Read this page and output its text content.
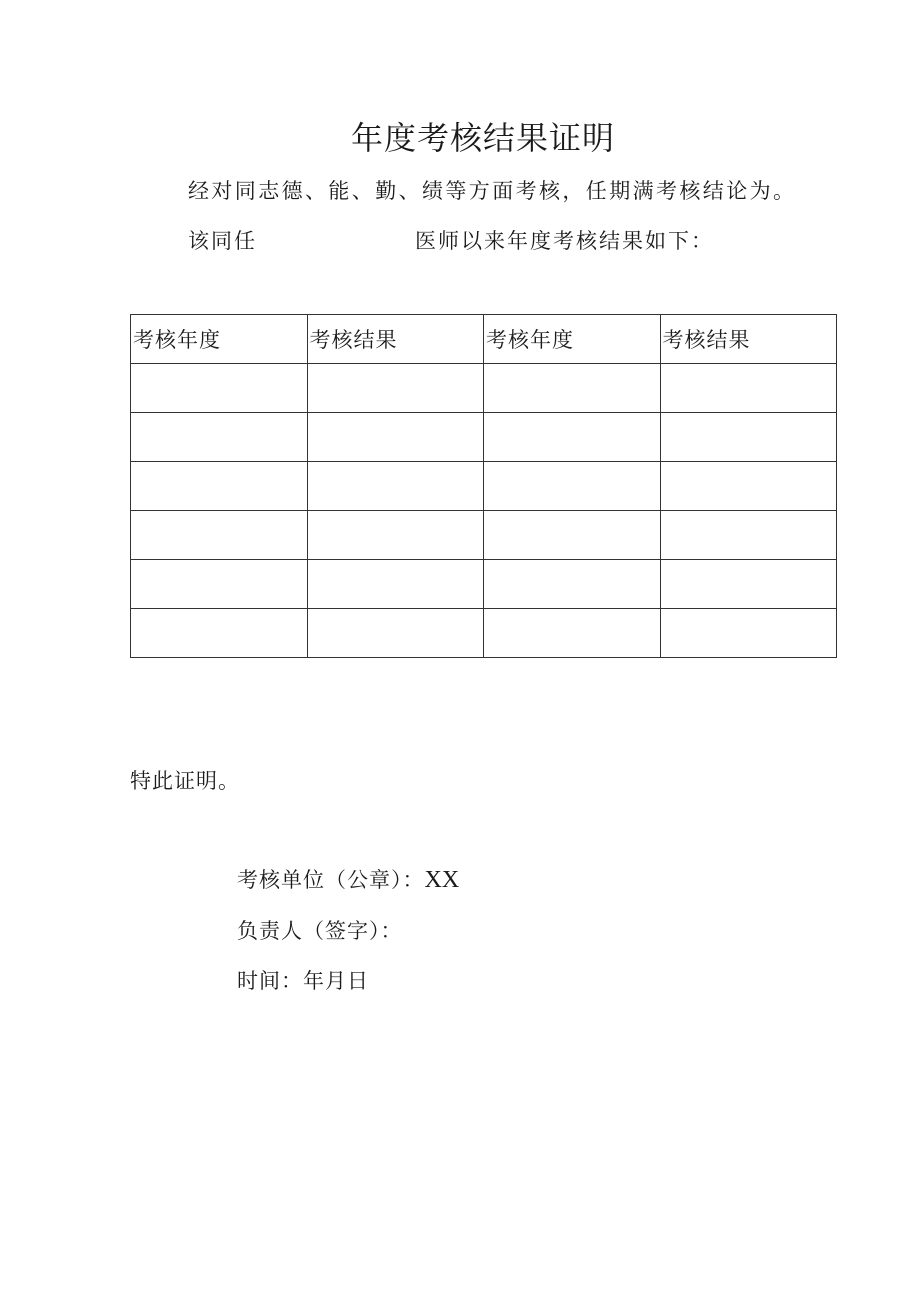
年度考核结果证明
经对同志德、能、勤、绩等方面考核，任期满考核结论为。
该同任	医师以来年度考核结果如下：
考核年度	考核结果	考核年度	考核结果

特此证明。
考核单位（公章）：XX
负责人（签字）：
时间：年月日
